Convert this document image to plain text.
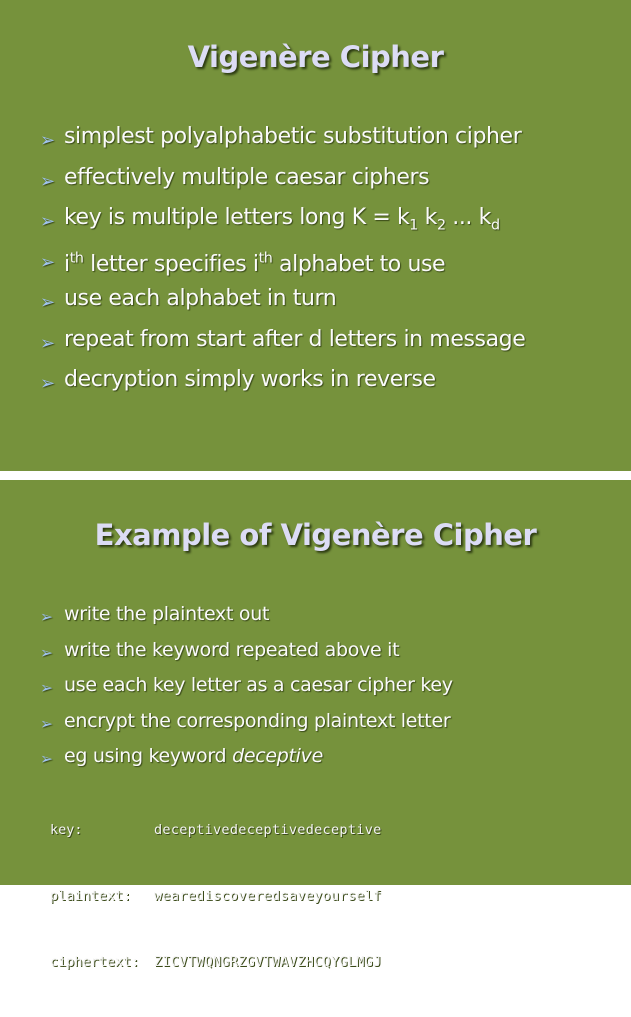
Vigenère Cipher
➢ simplest polyalphabetic substitution cipher
➢ effectively multiple caesar ciphers
➢ key is multiple letters long $K = k_1$ $k_2$ ... $k_d$
➢ $i^{th}$ letter specifies $i^{th}$ alphabet to use
➢ use each alphabet in turn
➢ repeat from start after d letters in message
➢ decryption simply works in reverse
Example of Vigenère Cipher
➢ write the plaintext out
➢ write the keyword repeated above it
➢ use each key letter as a caesar cipher key
➢ encrypt the corresponding plaintext letter
➢ eg using keyword deceptive

key:	deceptivedeceptivedeceptive

plaintext: wearediscoveredsaveyourself

ciphertext: ZICVTWQNGRZGVTWAVZHCQYGLMGJ
